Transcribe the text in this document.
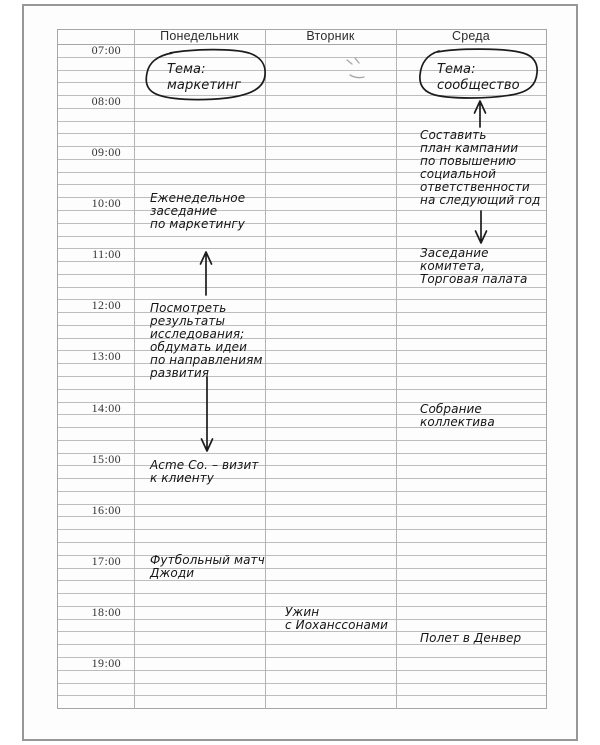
Понедельник	Вторник	Среда
07:00
08:00
09:00
10:00
11:00
12:00
13:00
14:00
15:00
16:00
17:00
18:00
19:00
Тема:
маркетинг
Еженедельное
заседание
по маркетингу
Посмотреть
результаты
исследования;
обдумать идеи
по направлениям
развития
Acme Co. – визит
к клиенту
Футбольный матч
Джоди
Ужин
с Иоханссонами
Тема:
сообщество
Составить
план кампании
по повышению
социальной
ответственности
на следующий год
Заседание
комитета,
Торговая палата
Собрание
коллектива
Полет в Денвер
